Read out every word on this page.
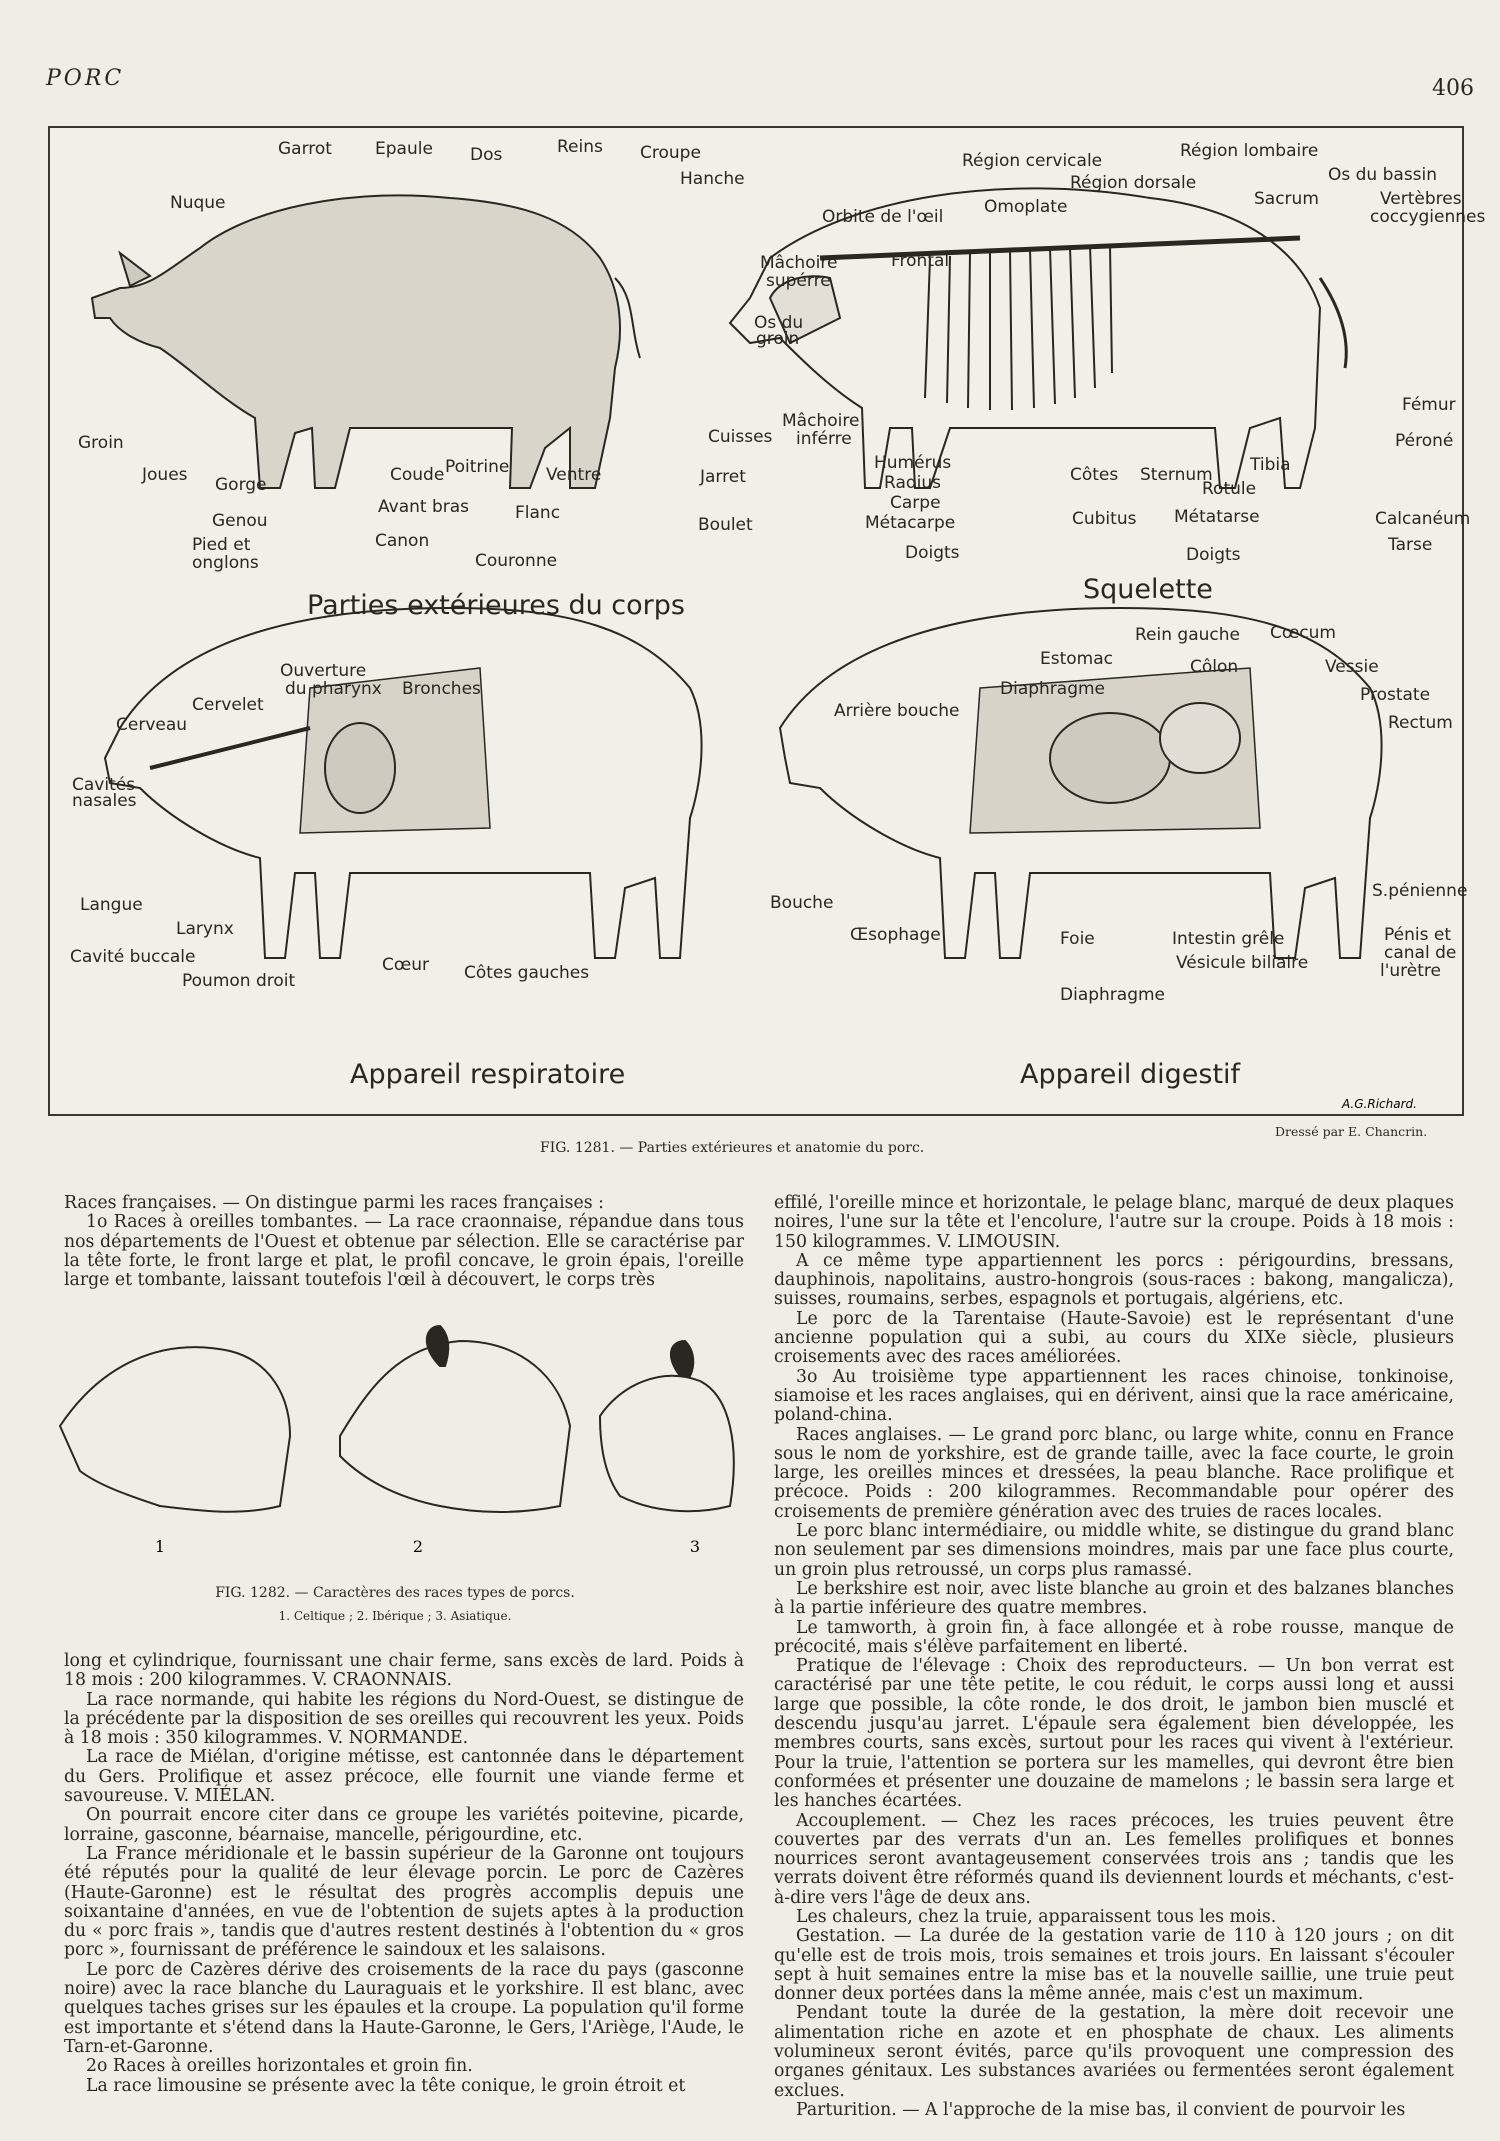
PORC	406
Garrot	Epaule Dos	Reins Croupe
Hanche
Nuque
Groin
Joues Gorge
Genou
Pied et
onglons
Coude Poitrine Ventre
Avant bras
Canon
Flanc
Couronne
Cuisses
Jarret
Boulet
Parties extérieures du corps
Région cervicale	Région lombaire
Région dorsale	Os du bassin
Sacrum	Vertèbres
coccygiennes
Orbite de l'œil Omoplate
Frontal
Mâchoire
supérre
Os du
groin
Mâchoire
inférre
Fémur
Péroné
Humérus
Radius
Carpe
Métacarpe
Doigts
Côtes Sternum Tibia
Rotule
Cubitus Métatarse	Calcanéum
Tarse
Doigts
Squelette
Ouverture
du pharynx Bronches
Cervelet
Cerveau
Cavités
nasales
Langue
Larynx
Cavité buccale
Poumon droit
Cœur Côtes gauches
Appareil respiratoire
Rein gauche Cœcum
Estomac	Côlon	Vessie
Diaphragme	Prostate
Arrière bouche
Rectum
Bouche
S.pénienne
Œsophage	Foie	Intestin grêle	Pénis et
canal de
l'urètre
Vésicule biliaire
Diaphragme
Appareil digestif
A.G.Richard.
Dressé par E. Chancrin.
FIG. 1281. — Parties extérieures et anatomie du porc.

Races françaises. — On distingue parmi les races françaises :

1o Races à oreilles tombantes. — La race craonnaise, répandue dans tous nos départements de l'Ouest et obtenue par sélection. Elle se caractérise par la tête forte, le front large et plat, le profil concave, le groin épais, l'oreille large et tombante, laissant toutefois l'œil à découvert, le corps très

1	2	3
FIG. 1282. — Caractères des races types de porcs.
1. Celtique ; 2. Ibérique ; 3. Asiatique.

long et cylindrique, fournissant une chair ferme, sans excès de lard. Poids à 18 mois : 200 kilogrammes. V. CRAONNAIS.

La race normande, qui habite les régions du Nord-Ouest, se distingue de la précédente par la disposition de ses oreilles qui recouvrent les yeux. Poids à 18 mois : 350 kilogrammes. V. NORMANDE.

La race de Miélan, d'origine métisse, est cantonnée dans le département du Gers. Prolifique et assez précoce, elle fournit une viande ferme et savoureuse. V. MIÉLAN.

On pourrait encore citer dans ce groupe les variétés poitevine, picarde, lorraine, gasconne, béarnaise, mancelle, périgourdine, etc.

La France méridionale et le bassin supérieur de la Garonne ont toujours été réputés pour la qualité de leur élevage porcin. Le porc de Cazères (Haute-Garonne) est le résultat des progrès accomplis depuis une soixantaine d'années, en vue de l'obtention de sujets aptes à la production du « porc frais », tandis que d'autres restent destinés à l'obtention du « gros porc », fournissant de préférence le saindoux et les salaisons.

Le porc de Cazères dérive des croisements de la race du pays (gasconne noire) avec la race blanche du Lauraguais et le yorkshire. Il est blanc, avec quelques taches grises sur les épaules et la croupe. La population qu'il forme est importante et s'étend dans la Haute-Garonne, le Gers, l'Ariège, l'Aude, le Tarn-et-Garonne.

2o Races à oreilles horizontales et groin fin.

La race limousine se présente avec la tête conique, le groin étroit et

effilé, l'oreille mince et horizontale, le pelage blanc, marqué de deux plaques noires, l'une sur la tête et l'encolure, l'autre sur la croupe. Poids à 18 mois : 150 kilogrammes. V. LIMOUSIN.

A ce même type appartiennent les porcs : périgourdins, bressans, dauphinois, napolitains, austro-hongrois (sous-races : bakong, mangalicza), suisses, roumains, serbes, espagnols et portugais, algériens, etc.

Le porc de la Tarentaise (Haute-Savoie) est le représentant d'une ancienne population qui a subi, au cours du XIXe siècle, plusieurs croisements avec des races améliorées.

3o Au troisième type appartiennent les races chinoise, tonkinoise, siamoise et les races anglaises, qui en dérivent, ainsi que la race américaine, poland-china.

Races anglaises. — Le grand porc blanc, ou large white, connu en France sous le nom de yorkshire, est de grande taille, avec la face courte, le groin large, les oreilles minces et dressées, la peau blanche. Race prolifique et précoce. Poids : 200 kilogrammes. Recommandable pour opérer des croisements de première génération avec des truies de races locales.

Le porc blanc intermédiaire, ou middle white, se distingue du grand blanc non seulement par ses dimensions moindres, mais par une face plus courte, un groin plus retroussé, un corps plus ramassé.

Le berkshire est noir, avec liste blanche au groin et des balzanes blanches à la partie inférieure des quatre membres.

Le tamworth, à groin fin, à face allongée et à robe rousse, manque de précocité, mais s'élève parfaitement en liberté.

Pratique de l'élevage : Choix des reproducteurs. — Un bon verrat est caractérisé par une tête petite, le cou réduit, le corps aussi long et aussi large que possible, la côte ronde, le dos droit, le jambon bien musclé et descendu jusqu'au jarret. L'épaule sera également bien développée, les membres courts, sans excès, surtout pour les races qui vivent à l'extérieur. Pour la truie, l'attention se portera sur les mamelles, qui devront être bien conformées et présenter une douzaine de mamelons ; le bassin sera large et les hanches écartées.

Accouplement. — Chez les races précoces, les truies peuvent être couvertes par des verrats d'un an. Les femelles prolifiques et bonnes nourrices seront avantageusement conservées trois ans ; tandis que les verrats doivent être réformés quand ils deviennent lourds et méchants, c'est-à-dire vers l'âge de deux ans.

Les chaleurs, chez la truie, apparaissent tous les mois.

Gestation. — La durée de la gestation varie de 110 à 120 jours ; on dit qu'elle est de trois mois, trois semaines et trois jours. En laissant s'écouler sept à huit semaines entre la mise bas et la nouvelle saillie, une truie peut donner deux portées dans la même année, mais c'est un maximum.

Pendant toute la durée de la gestation, la mère doit recevoir une alimentation riche en azote et en phosphate de chaux. Les aliments volumineux seront évités, parce qu'ils provoquent une compression des organes génitaux. Les substances avariées ou fermentées seront également exclues.

Parturition. — A l'approche de la mise bas, il convient de pourvoir les
